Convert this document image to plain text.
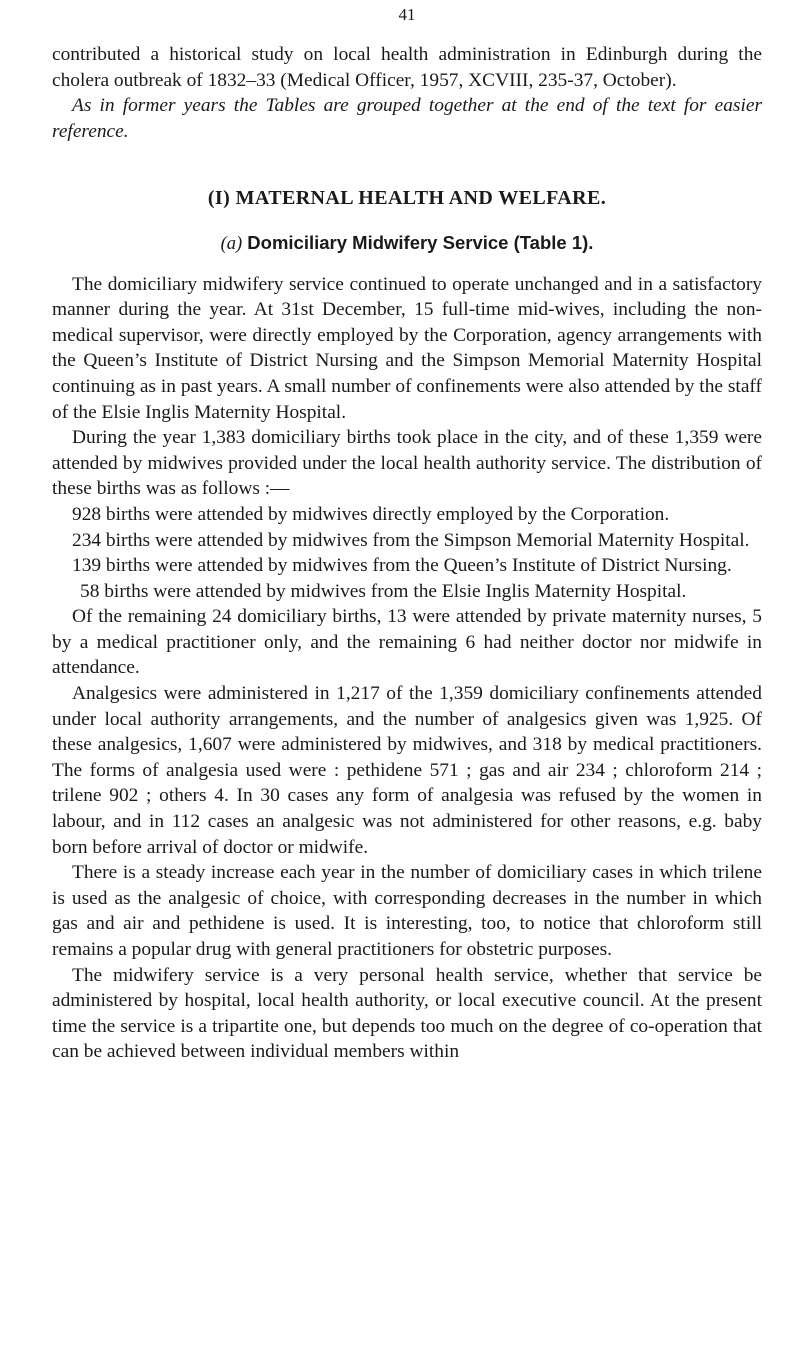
41

contributed a historical study on local health administration in Edinburgh during the cholera outbreak of 1832–33 (Medical Officer, 1957, XCVIII, 235-37, October).

As in former years the Tables are grouped together at the end of the text for easier reference.

(I) MATERNAL HEALTH AND WELFARE.
(a) Domiciliary Midwifery Service (Table 1).

The domiciliary midwifery service continued to operate unchanged and in a satisfactory manner during the year. At 31st December, 15 full-time mid-wives, including the non-medical supervisor, were directly employed by the Corporation, agency arrangements with the Queen’s Institute of District Nursing and the Simpson Memorial Maternity Hospital continuing as in past years. A small number of confinements were also attended by the staff of the Elsie Inglis Maternity Hospital.

During the year 1,383 domiciliary births took place in the city, and of these 1,359 were attended by midwives provided under the local health authority service. The distribution of these births was as follows :—

928 births were attended by midwives directly employed by the Corporation.
234 births were attended by midwives from the Simpson Memorial Maternity Hospital.
139 births were attended by midwives from the Queen’s Institute of District Nursing.
58 births were attended by midwives from the Elsie Inglis Maternity Hospital.

Of the remaining 24 domiciliary births, 13 were attended by private maternity nurses, 5 by a medical practitioner only, and the remaining 6 had neither doctor nor midwife in attendance.

Analgesics were administered in 1,217 of the 1,359 domiciliary confinements attended under local authority arrangements, and the number of analgesics given was 1,925. Of these analgesics, 1,607 were administered by midwives, and 318 by medical practitioners. The forms of analgesia used were : pethidene 571 ; gas and air 234 ; chloroform 214 ; trilene 902 ; others 4. In 30 cases any form of analgesia was refused by the women in labour, and in 112 cases an analgesic was not administered for other reasons, e.g. baby born before arrival of doctor or midwife.

There is a steady increase each year in the number of domiciliary cases in which trilene is used as the analgesic of choice, with corresponding decreases in the number in which gas and air and pethidene is used. It is interesting, too, to notice that chloroform still remains a popular drug with general practitioners for obstetric purposes.

The midwifery service is a very personal health service, whether that service be administered by hospital, local health authority, or local executive council. At the present time the service is a tripartite one, but depends too much on the degree of co-operation that can be achieved between individual members within
